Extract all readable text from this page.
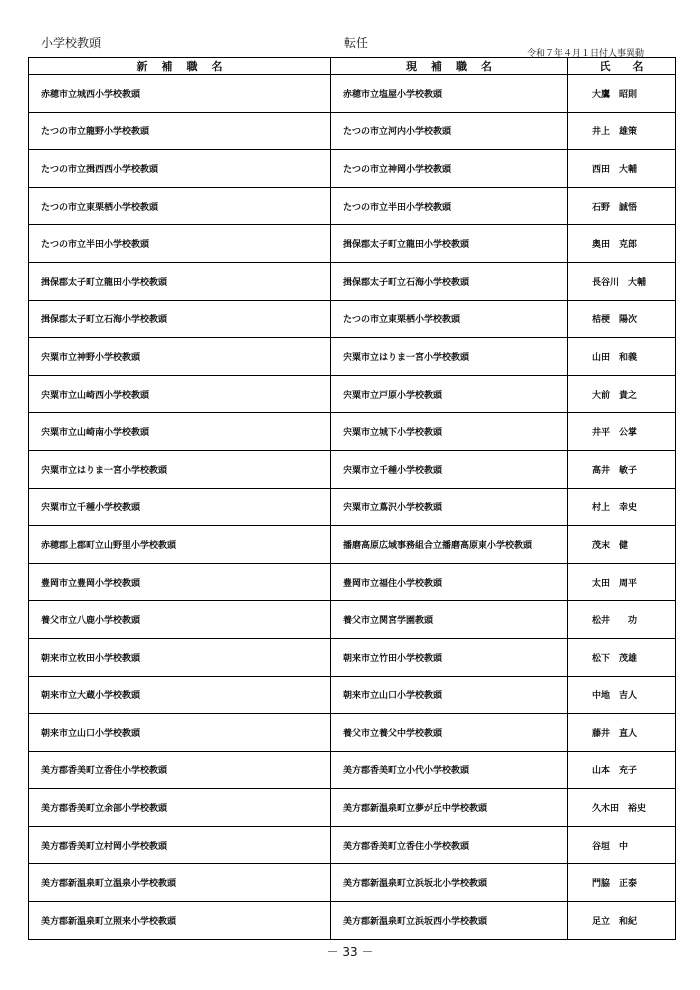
小学校教頭	転任
令和７年４月１日付人事異動
新補職名	現補職名	氏名
赤穂市立城西小学校教頭	赤穂市立塩屋小学校教頭	大鷹　昭則
たつの市立龍野小学校教頭	たつの市立河内小学校教頭	井上　雄策
たつの市立揖西西小学校教頭	たつの市立神岡小学校教頭	西田　大輔
たつの市立東栗栖小学校教頭	たつの市立半田小学校教頭	石野　誠悟
たつの市立半田小学校教頭	揖保郡太子町立龍田小学校教頭	奥田　克郎
揖保郡太子町立龍田小学校教頭	揖保郡太子町立石海小学校教頭	長谷川　大輔
揖保郡太子町立石海小学校教頭	たつの市立東栗栖小学校教頭	桔梗　陽次
宍粟市立神野小学校教頭	宍粟市立はりま一宮小学校教頭	山田　和義
宍粟市立山崎西小学校教頭	宍粟市立戸原小学校教頭	大前　貴之
宍粟市立山崎南小学校教頭	宍粟市立城下小学校教頭	井平　公掌
宍粟市立はりま一宮小学校教頭	宍粟市立千種小学校教頭	高井　敏子
宍粟市立千種小学校教頭	宍粟市立蔦沢小学校教頭	村上　幸史
赤穂郡上郡町立山野里小学校教頭	播磨高原広域事務組合立播磨高原東小学校教頭	茂末　健
豊岡市立豊岡小学校教頭	豊岡市立福住小学校教頭	太田　周平
養父市立八鹿小学校教頭	養父市立関宮学園教頭	松井　　功
朝来市立枚田小学校教頭	朝来市立竹田小学校教頭	松下　茂雄
朝来市立大蔵小学校教頭	朝来市立山口小学校教頭	中地　吉人
朝来市立山口小学校教頭	養父市立養父中学校教頭	藤井　直人
美方郡香美町立香住小学校教頭	美方郡香美町立小代小学校教頭	山本　充子
美方郡香美町立余部小学校教頭	美方郡新温泉町立夢が丘中学校教頭	久木田　裕史
美方郡香美町立村岡小学校教頭	美方郡香美町立香住小学校教頭	谷垣　中
美方郡新温泉町立温泉小学校教頭	美方郡新温泉町立浜坂北小学校教頭	門脇　正泰
美方郡新温泉町立照来小学校教頭	美方郡新温泉町立浜坂西小学校教頭	足立　和紀
－ 33 －
